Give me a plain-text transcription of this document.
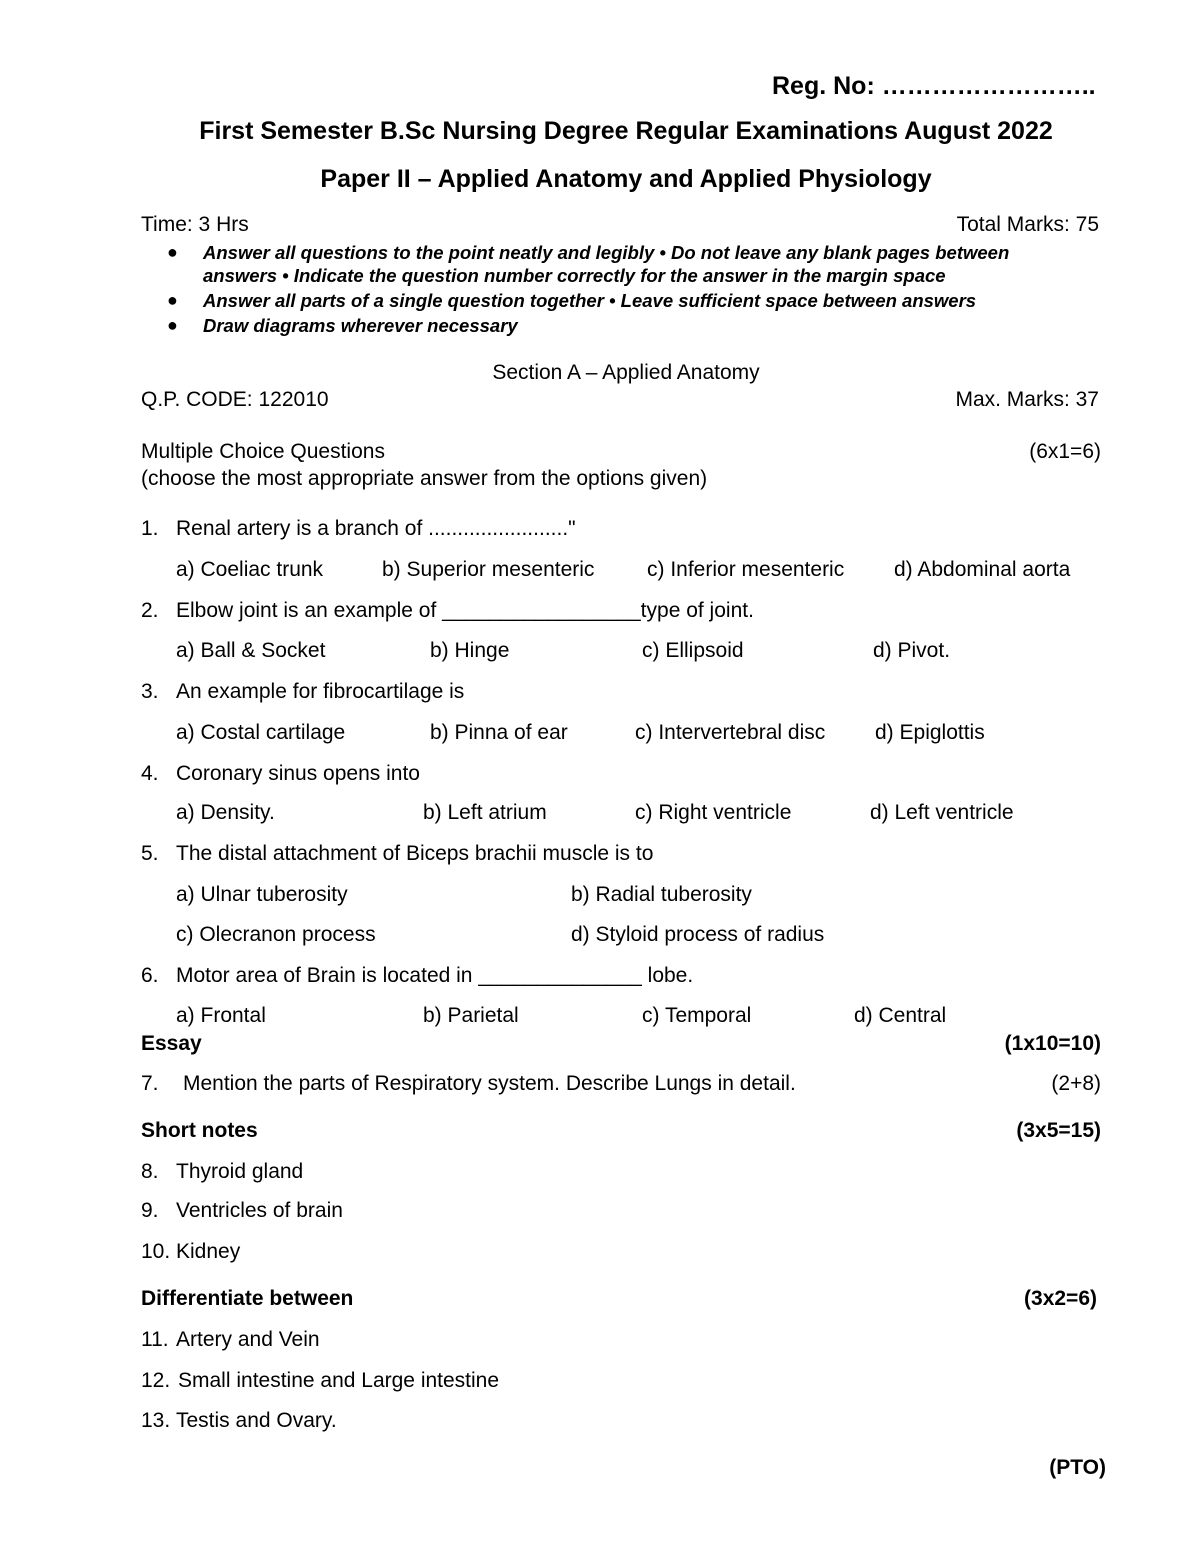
Reg. No: ……………………..
First Semester B.Sc Nursing Degree Regular Examinations August 2022
Paper II – Applied Anatomy and Applied Physiology
Time: 3 Hrs	Total Marks: 75
● Answer all questions to the point neatly and legibly • Do not leave any blank pages between
answers • Indicate the question number correctly for the answer in the margin space
● Answer all parts of a single question together • Leave sufficient space between answers
● Draw diagrams wherever necessary
Section A – Applied Anatomy
Q.P. CODE: 122010	Max. Marks: 37
Multiple Choice Questions	(6x1=6)
(choose the most appropriate answer from the options given)
1. Renal artery is a branch of ........................"
a) Coeliac trunk	b) Superior mesenteric	c) Inferior mesenteric d) Abdominal aorta
2. Elbow joint is an example of _________________type of joint.
a) Ball & Socket	b) Hinge	c) Ellipsoid	d) Pivot.
3. An example for fibrocartilage is
a) Costal cartilage	b) Pinna of ear	c) Intervertebral disc d) Epiglottis
4. Coronary sinus opens into
a) Density.	b) Left atrium	c) Right ventricle	d) Left ventricle
5. The distal attachment of Biceps brachii muscle is to
a) Ulnar tuberosity	b) Radial tuberosity
c) Olecranon process	d) Styloid process of radius
6. Motor area of Brain is located in ______________ lobe.
a) Frontal	b) Parietal	c) Temporal	d) Central
Essay	(1x10=10)
7. Mention the parts of Respiratory system. Describe Lungs in detail.	(2+8)
Short notes	(3x5=15)
8. Thyroid gland
9. Ventricles of brain
10. Kidney
Differentiate between	(3x2=6)
11. Artery and Vein
12. Small intestine and Large intestine
13. Testis and Ovary.
(PTO)
